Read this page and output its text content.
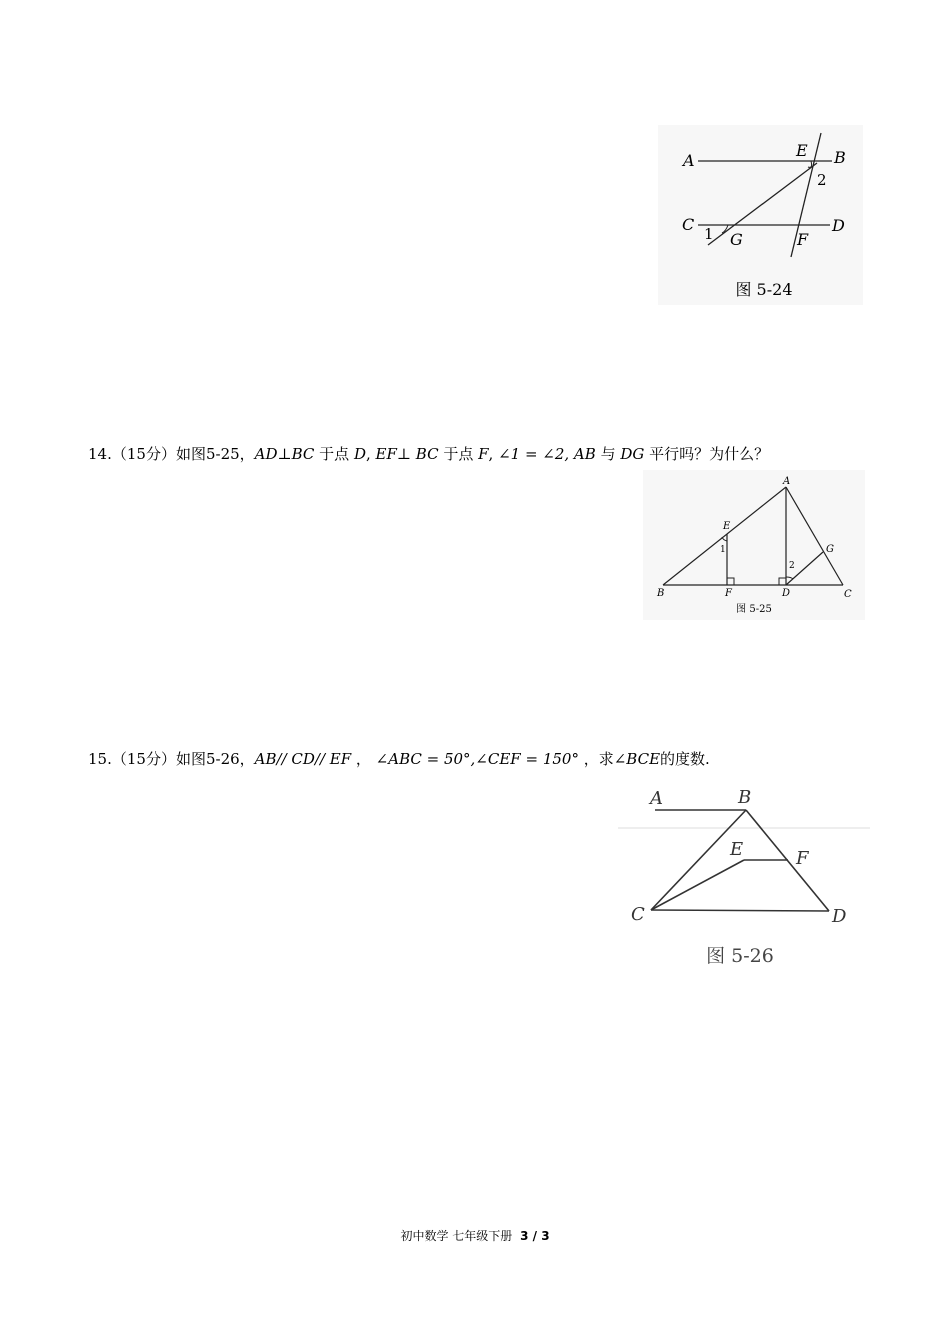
A	B
E
C	D
G	F
1
2
图 5-24
14.（15分）如图5-25，AD⊥BC 于点 D, EF⊥ BC 于点 F, ∠1 = ∠2, AB 与 DG 平行吗？为什么？
A
B	C
D
E
F
G
1
2
图 5-25
15.（15分）如图5-26，AB// CD// EF ， ∠ABC = 50°,∠CEF = 150° ，求∠BCE的度数.
A	B
C	D
E	F
图 5-26
初中数学 七年级下册 3 / 3
